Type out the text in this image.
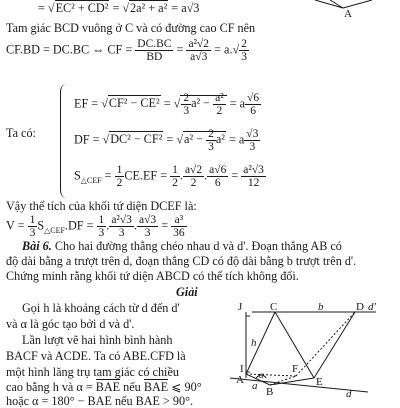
= √EC² + CD² = √2a² + a² = a√3	A
Tam giác BCD vuông ở C và có đường cao CF nên
CF.BD = DC.BC ⇔ CF = $\frac{DC.BC}{BD} = \frac{\text{a²√2}}{a√3} = a.√ \frac{2}{3}$
Ta có:
EF = √CF² − CE² = √ $\frac{2}{3} a^2 - \frac{\text{a²}}{2} = a \frac{√6}{6}$
DF = $√DC^2 - CF^2 = √a^2 - \frac{2}{3} a^2 = a \frac{√3}{3}$
$S_{\triangle CEF} = \frac{1}{2} CE.EF = \frac{1}{2}$ . $\frac{a√2}{2}$ . $\frac{a√6}{6} = \frac{\text{a²√3}}{12}$
Vậy thể tích của khối tứ diện DCEF là:
$V = \frac{1}{3} S_{\triangle CEF}.DF = \frac{1}{3}$ . $\frac{\text{a²√3}}{3}$ . $\frac{a√3}{3} = \frac{\text{a³}}{36}$
Bài 6. Cho hai đường thẳng chéo nhau d và d'. Đoạn thẳng AB có
độ dài bằng a trượt trên d, đoạn thẳng CD có độ dài bằng b trượt trên d'.
Chứng minh rằng khối tứ diện ABCD có thể tích không đổi.
Giải
Gọi h là khoảng cách từ d đến d'
và α là góc tạo bởi d và d'.
Lần lượt vẽ hai hình bình hành
BACF và ACDE. Ta có ABE.CFD là
một hình lăng trụ tam giác có chiều
cao bằng h và α = BAE nếu BAE ⩽ 90°
hoặc α = 180° − BAE nếu BAE > 90°.
J	C	b	D d'
h
I	F
A α
a B
E
d
